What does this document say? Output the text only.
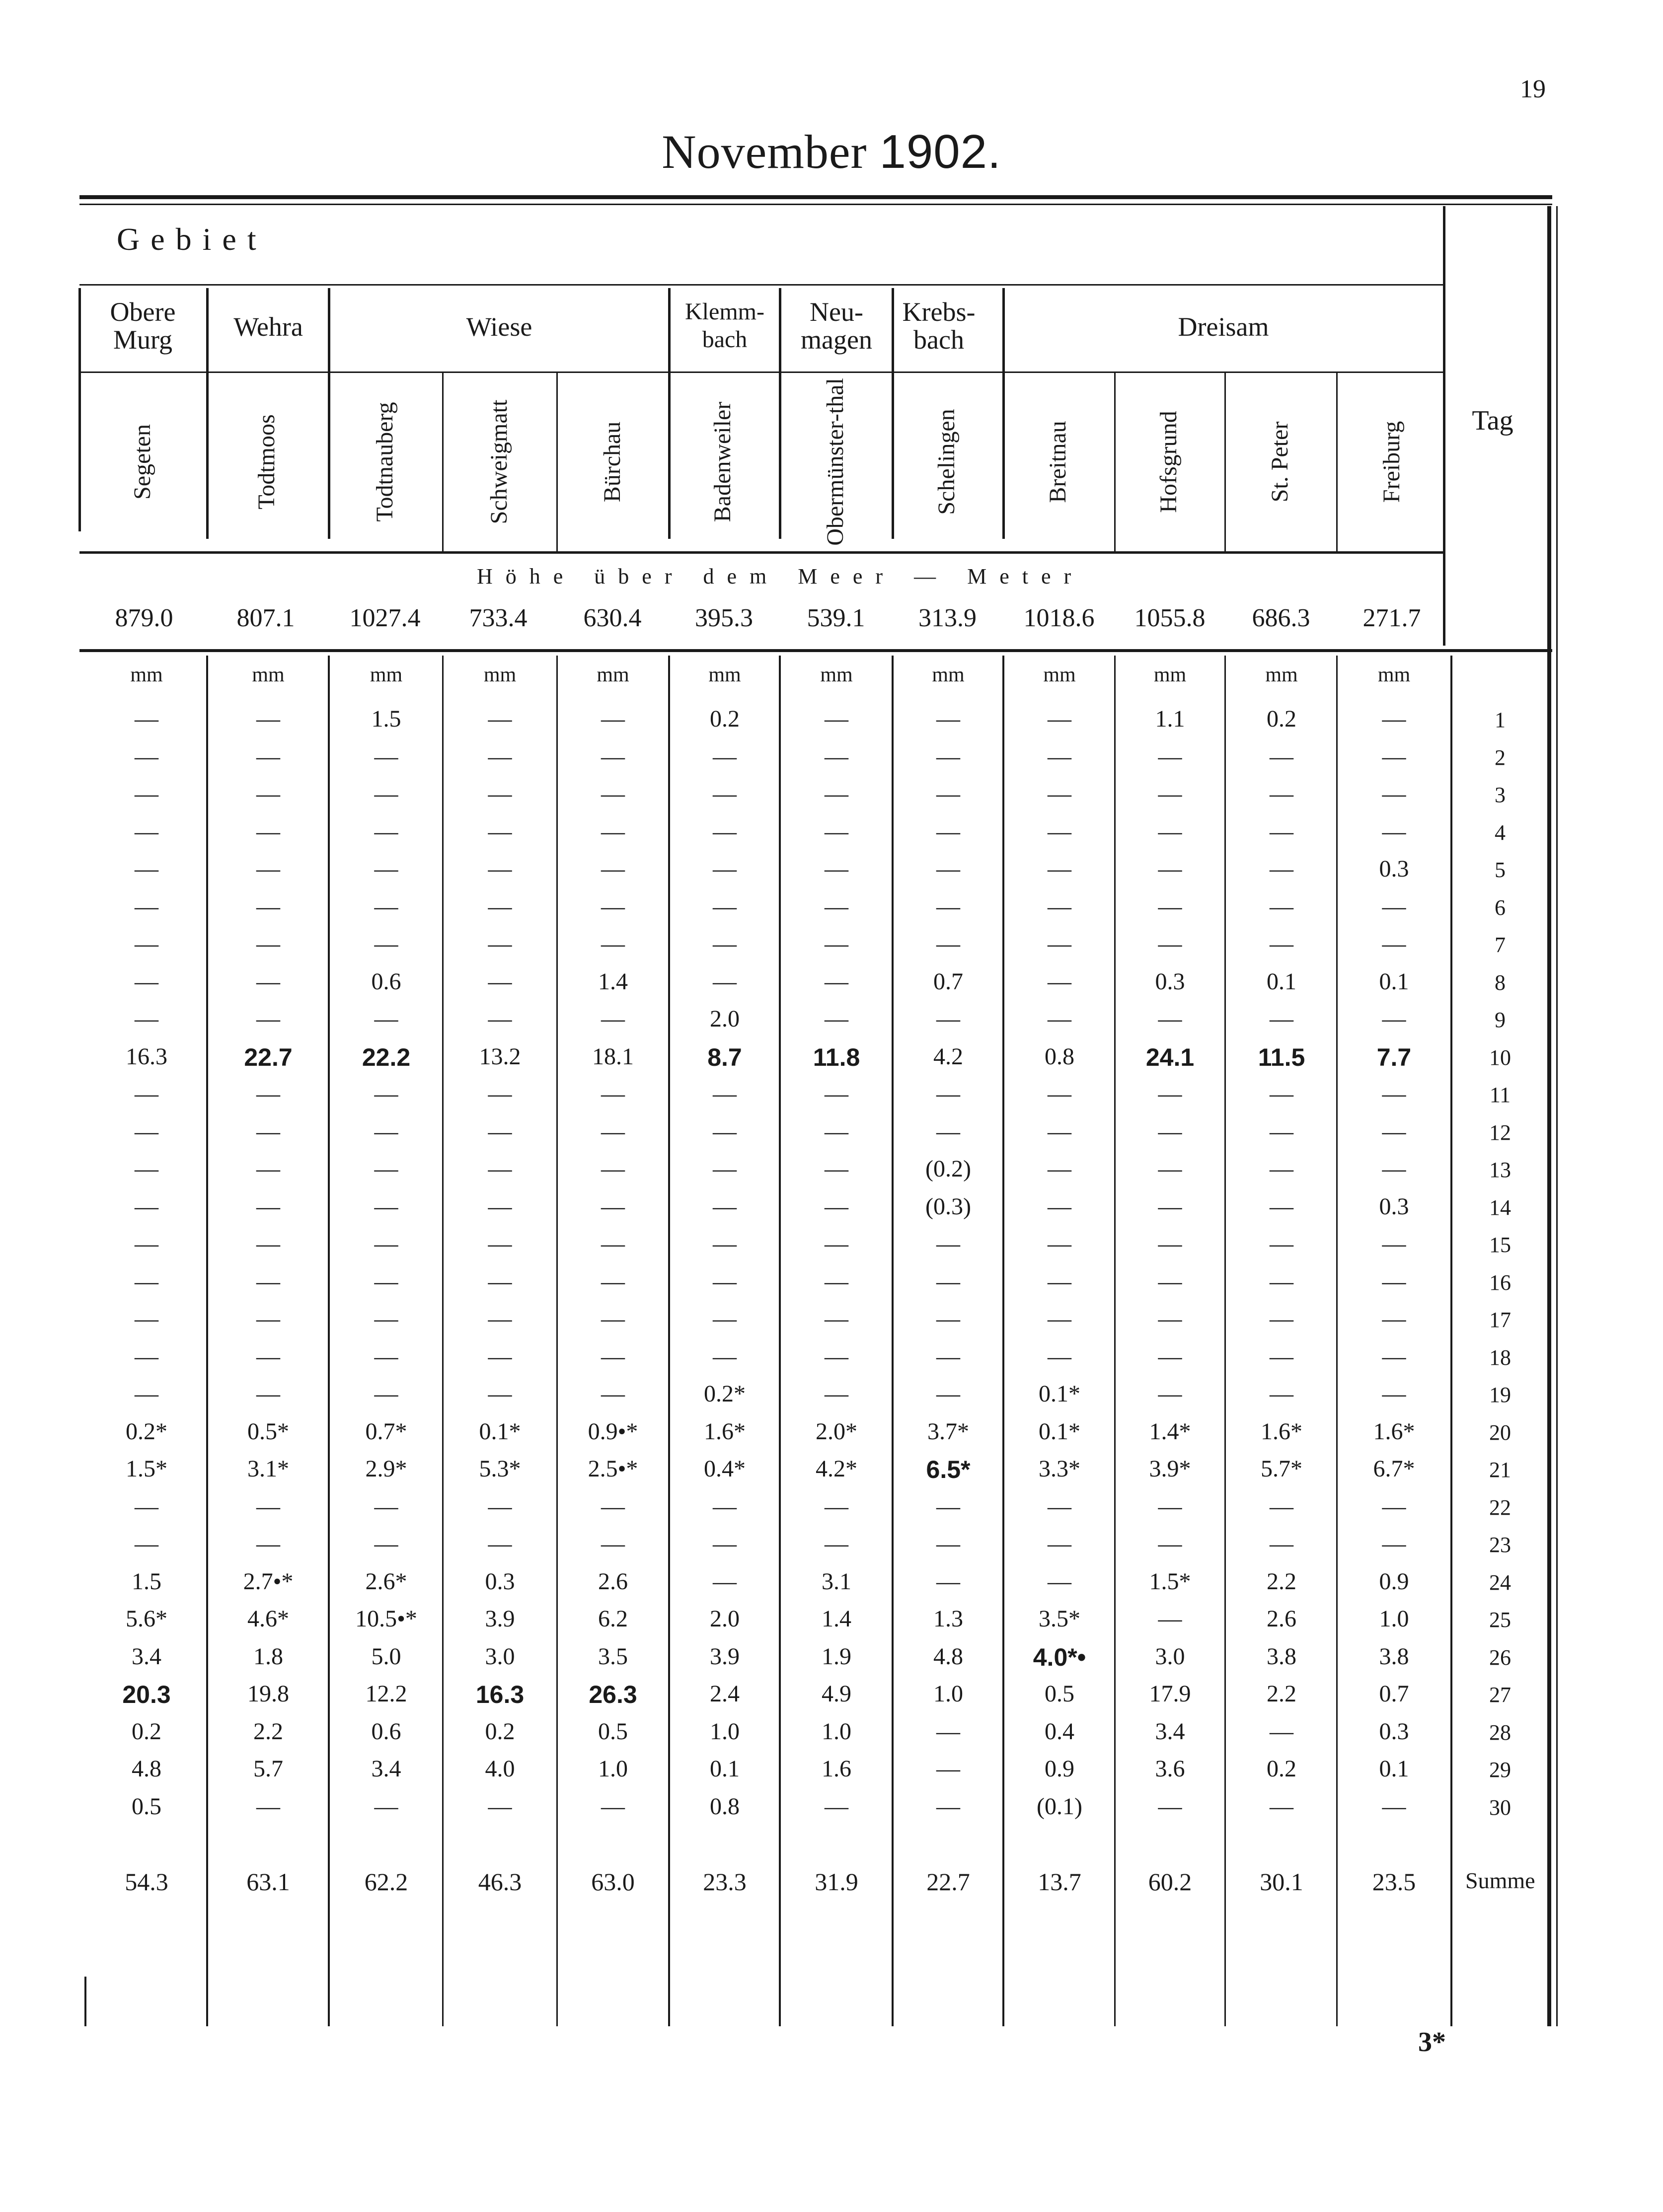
19
November 1902.
Gebiet
Obere
Murg	Wehra	Wiese
Klemm-
bach
Neu-
magen
Krebs-
bach	Dreisam
Segeten	Todtmoos	Todtnauberg	Schweigmatt	Bürchau	Badenweiler	Obermünster-thal	Schelingen	Breitnau	Hofsgrund	St. Peter	Freiburg
Tag
Höhe über dem Meer — Meter
879.0	807.1	1027.4	733.4	630.4	395.3	539.1	313.9	1018.6	1055.8	686.3	271.7
mm	mm	mm	mm	mm	mm	mm	mm	mm	mm	mm	mm
—	—	1.5	—	—	0.2	—	—	—	1.1	0.2	—	1
—	—	—	—	—	—	—	—	—	—	—	—	2
—	—	—	—	—	—	—	—	—	—	—	—	3
—	—	—	—	—	—	—	—	—	—	—	—	4
—	—	—	—	—	—	—	—	—	—	—	0.3	5
—	—	—	—	—	—	—	—	—	—	—	—	6
—	—	—	—	—	—	—	—	—	—	—	—	7
—	—	0.6	—	1.4	—	—	0.7	—	0.3	0.1	0.1	8
—	—	—	—	—	2.0	—	—	—	—	—	—	9
16.3	22.7	22.2	13.2	18.1	8.7	11.8	4.2	0.8	24.1	11.5	7.7	10
—	—	—	—	—	—	—	—	—	—	—	—	11
—	—	—	—	—	—	—	—	—	—	—	—	12
—	—	—	—	—	—	—	(0.2)	—	—	—	—	13
—	—	—	—	—	—	—	(0.3)	—	—	—	0.3	14
—	—	—	—	—	—	—	—	—	—	—	—	15
—	—	—	—	—	—	—	—	—	—	—	—	16
—	—	—	—	—	—	—	—	—	—	—	—	17
—	—	—	—	—	—	—	—	—	—	—	—	18
—	—	—	—	—	0.2*	—	—	0.1*	—	—	—	19
0.2*	0.5*	0.7*	0.1*	0.9•*	1.6*	2.0*	3.7*	0.1*	1.4*	1.6*	1.6*	20
1.5*	3.1*	2.9*	5.3*	2.5•*	0.4*	4.2*	6.5*	3.3*	3.9*	5.7*	6.7*	21
—	—	—	—	—	—	—	—	—	—	—	—	22
—	—	—	—	—	—	—	—	—	—	—	—	23
1.5	2.7•*	2.6*	0.3	2.6	—	3.1	—	—	1.5*	2.2	0.9	24
5.6*	4.6*	10.5•*	3.9	6.2	2.0	1.4	1.3	3.5*	—	2.6	1.0	25
3.4	1.8	5.0	3.0	3.5	3.9	1.9	4.8	4.0*•	3.0	3.8	3.8	26
20.3	19.8	12.2	16.3	26.3	2.4	4.9	1.0	0.5	17.9	2.2	0.7	27
0.2	2.2	0.6	0.2	0.5	1.0	1.0	—	0.4	3.4	—	0.3	28
4.8	5.7	3.4	4.0	1.0	0.1	1.6	—	0.9	3.6	0.2	0.1	29
0.5	—	—	—	—	0.8	—	—	(0.1)	—	—	—	30
54.3	63.1	62.2	46.3	63.0	23.3	31.9	22.7	13.7	60.2	30.1	23.5	Summe
3*
